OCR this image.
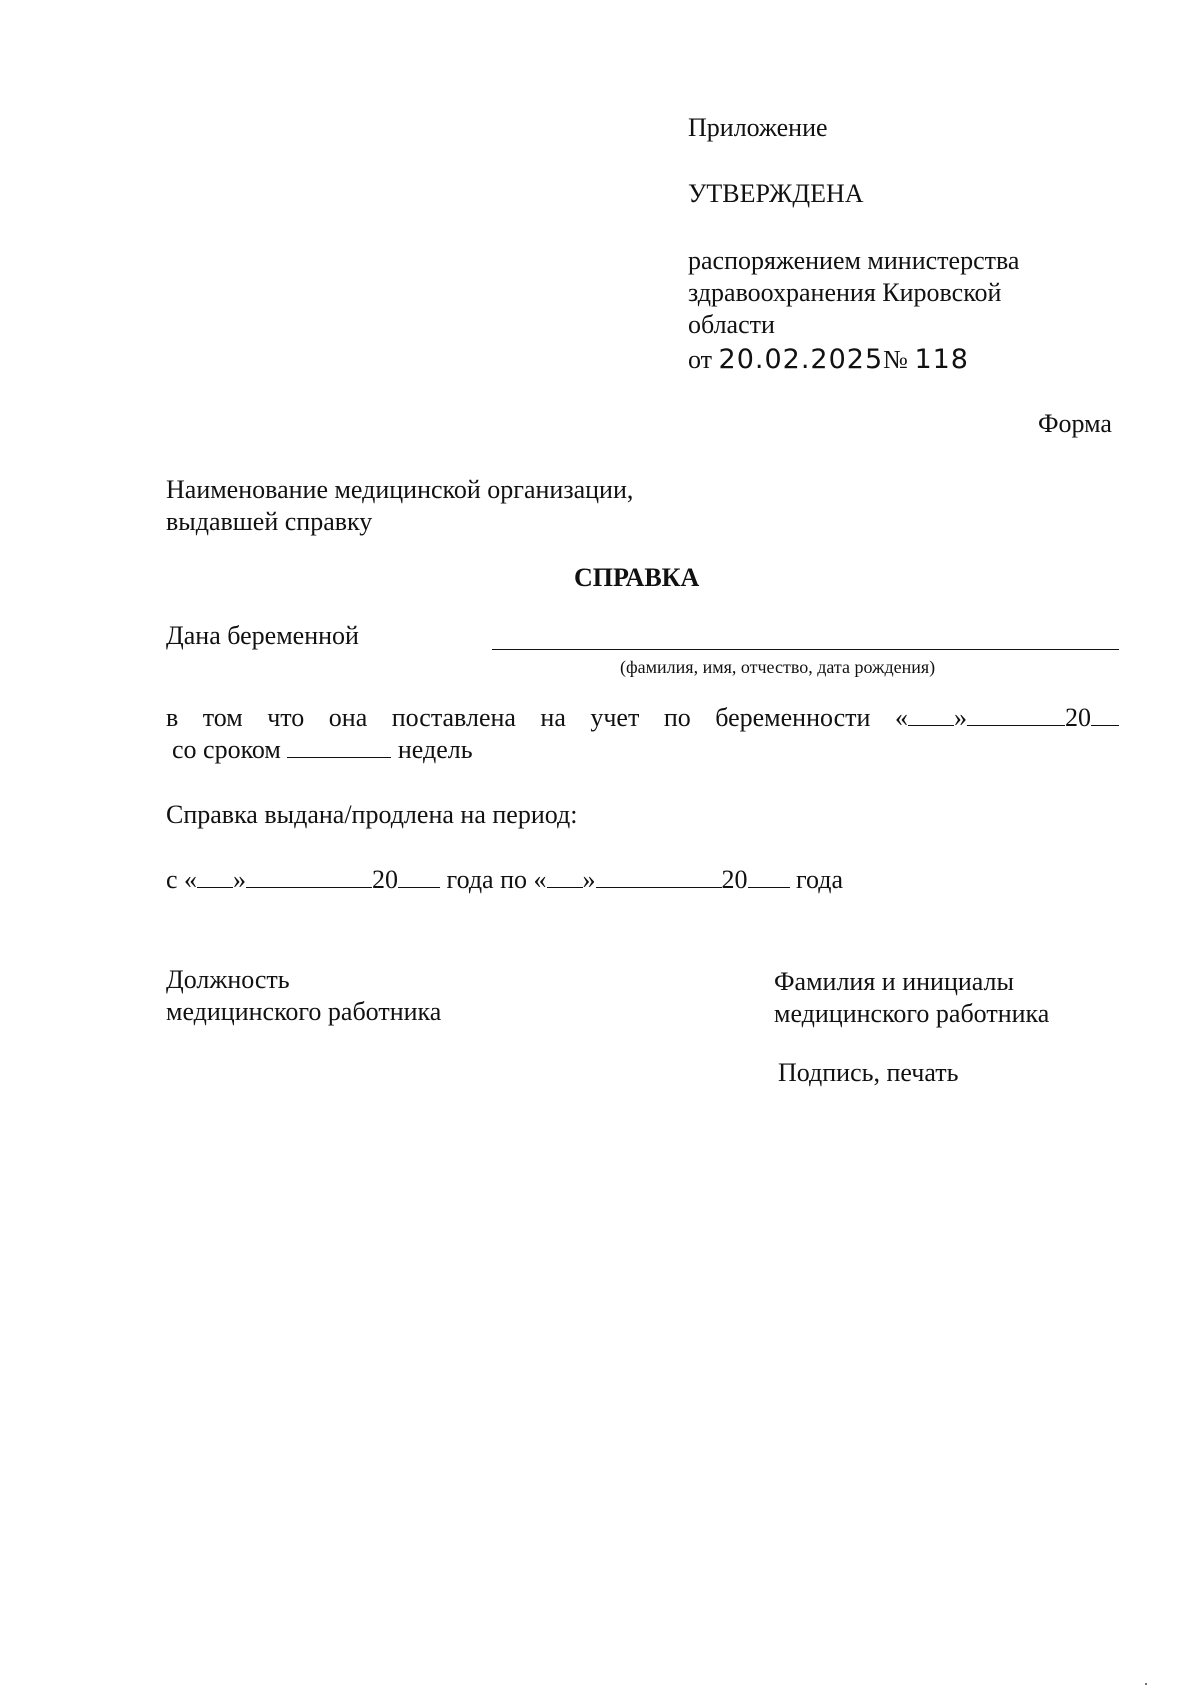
Приложение
УТВЕРЖДЕНА
распоряжением министерства
здравоохранения Кировской
области
от 20.02.2025№ 118
Форма
Наименование медицинской организации,
выдавшей справку
СПРАВКА
Дана беременной
(фамилия, имя, отчество, дата рождения)
в том что она поставлена на учет по беременности « »	20
со сроком	недель
Справка выдана/продлена на период:
с « »	20 года по « »	20 года
Должность
медицинского работника
Фамилия и инициалы
медицинского работника
Подпись, печать
